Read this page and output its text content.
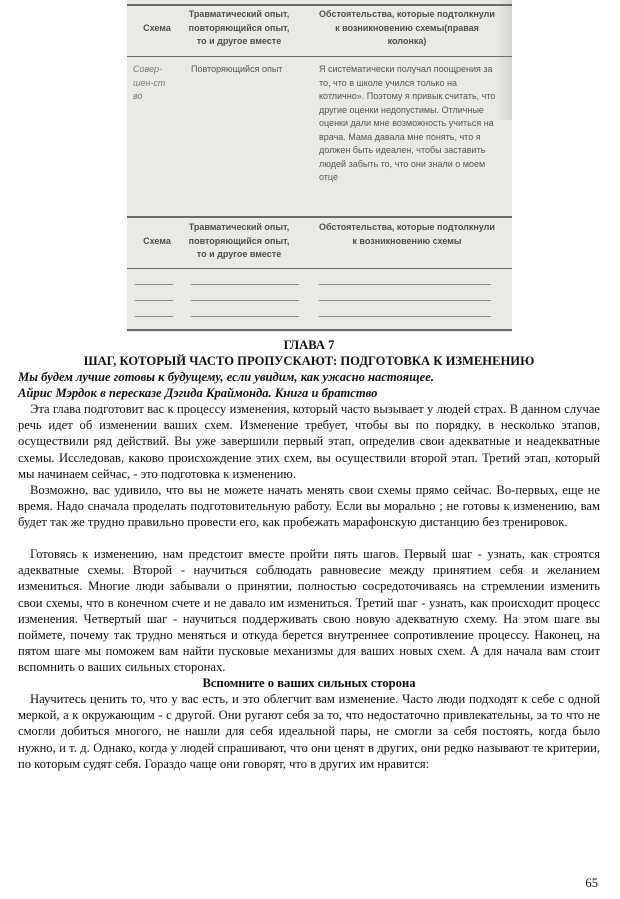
Схема
Травматический опыт, повторяющийся опыт, то и другое вместе
Обстоятельства, которые подтолкнули к возникновению схемы(правая колонка)
Совер-шен-ство
Повторяющийся опыт	Я систематически получал поощрения за то, что в школе учился только на котлично». Поэтому я привык считать, что другие оценки недопустимы. Отличные оценки дали мне возможность учиться на врача. Мама давала мне понять, что я должен быть идеален, чтобы заставить людей забыть то, что они знали о моем отце
Схема
Травматический опыт, повторяющийся опыт, то и другое вместе
Обстоятельства, которые подтолкнули к возникновению схемы
ГЛАВА 7
ШАГ, КОТОРЫЙ ЧАСТО ПРОПУСКАЮТ: ПОДГОТОВКА К ИЗМЕНЕНИЮ
Мы будем лучше готовы к будущему, если увидим, как ужасно настоящее.
Айрис Мэрдок в пересказе Дэгида Краймонда. Книга и братство
Эта глава подготовит вас к процессу изменения, который часто вызывает у людей страх. В данном случае речь идет об изменении ваших схем. Изменение требует, чтобы вы по порядку, в несколько этапов, осуществили ряд действий. Вы уже завершили первый этап, определив свои адекватные и неадекватные схемы. Исследовав, каково происхождение этих схем, вы осуществили второй этап. Третий этап, который мы начинаем сейчас, - это подготовка к изменению.
Возможно, вас удивило, что вы не можете начать менять свои схемы прямо сейчас. Во-первых, еще не время. Надо сначала проделать подготовительную работу. Если вы морально ; не готовы к изменению, вам будет так же трудно правильно провести его, как пробежать марафонскую дистанцию без тренировок.
Готовясь к изменению, нам предстоит вместе пройти пять шагов. Первый шаг - узнать, как строятся адекватные схемы. Второй - научиться соблюдать равновесие между принятием себя и желанием измениться. Многие люди забывали о принятии, полностью сосредоточиваясь на стремлении изменить свои схемы, что в конечном счете и не давало им измениться. Третий шаг - узнать, как происходит процесс изменения. Четвертый шаг - научиться поддерживать свою новую адекватную схему. На этом шаге вы поймете, почему так трудно меняться и откуда берется внутреннее сопротивление процессу. Наконец, на пятом шаге мы поможем вам найти пусковые механизмы для ваших новых схем. А для начала вам стоит вспомнить о ваших сильных сторонах.
Вспомните о ваших сильных сторона
Научитесь ценить то, что у вас есть, и это облегчит вам изменение. Часто люди подходят к себе с одной меркой, а к окружающим - с другой. Они ругают себя за то, что недостаточно привлекательны, за то что не смогли добиться многого, не нашли для себя идеальной пары, не смогли за себя постоять, когда было нужно, и т. д. Однако, когда у людей спрашивают, что они ценят в других, они редко называют те критерии, по которым судят себя. Гораздо чаще они говорят, что в других им нравится:
65
